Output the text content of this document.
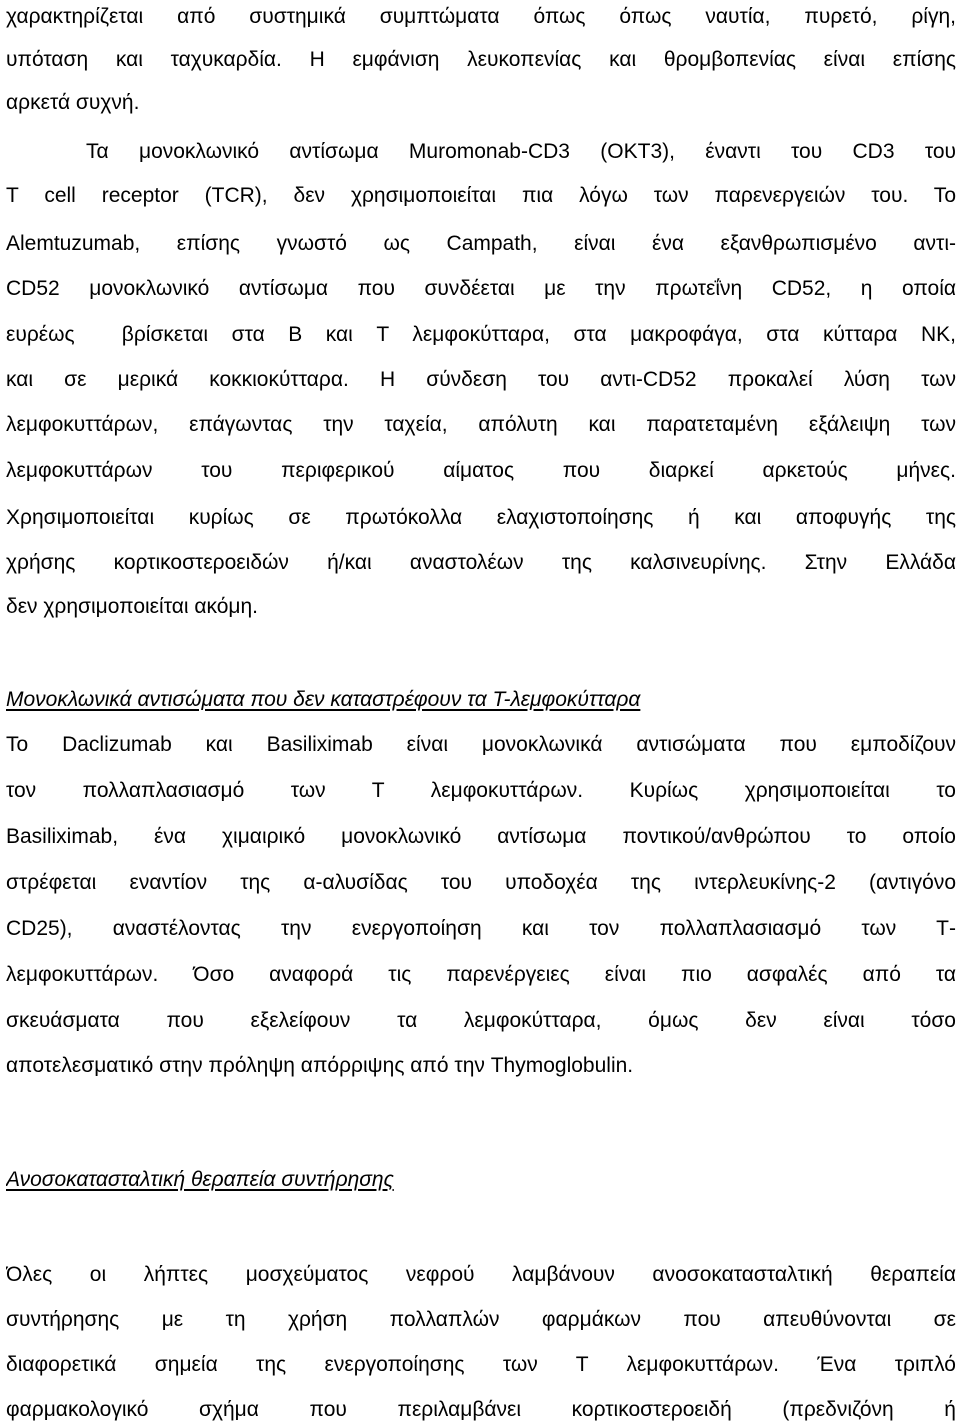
χαρακτηρίζεται από συστημικά συμπτώματα όπως όπως ναυτία, πυρετό, ρίγη,
υπόταση και ταχυκαρδία. Η εμφάνιση λευκοπενίας και θρομβοπενίας είναι επίσης
αρκετά συχνή.
Τα μονοκλωνικό αντίσωμα Muromonab-CD3 (OKT3), έναντι του CD3 του
T cell receptor (TCR), δεν χρησιμοποιείται πια λόγω των παρενεργειών του. Το
Alemtuzumab, επίσης γνωστό ως Campath, είναι ένα εξανθρωπισμένο αντι-
CD52 μονοκλωνικό αντίσωμα που συνδέεται με την πρωτεΐνη CD52, η οποία
ευρέως  βρίσκεται στα B και T λεμφοκύτταρα, στα μακροφάγα, στα κύτταρα NK,
και σε μερικά κοκκιοκύτταρα. Η σύνδεση του αντι-CD52 προκαλεί λύση των
λεμφοκυττάρων, επάγωντας την ταχεία, απόλυτη και παρατεταμένη εξάλειψη των
λεμφοκυττάρων του περιφερικού αίματος που διαρκεί αρκετούς μήνες.
Χρησιμοποιείται κυρίως σε πρωτόκολλα ελαχιστοποίησης ή και αποφυγής της
χρήσης κορτικοστεροειδών ή/και αναστολέων της καλσινευρίνης. Στην Ελλάδα
δεν χρησιμοποιείται ακόμη.
Μονοκλωνικά αντισώματα που δεν καταστρέφουν τα Τ-λεμφοκύτταρα
Το Daclizumab και Basiliximab είναι μονοκλωνικά αντισώματα που εμποδίζουν
τον πολλαπλασιασμό των Τ λεμφοκυττάρων. Κυρίως χρησιμοποιείται το
Basiliximab, ένα χιμαιρικό μονοκλωνικό αντίσωμα ποντικού/ανθρώπου το οποίο
στρέφεται εναντίον της α-αλυσίδας του υποδοχέα της ιντερλευκίνης-2 (αντιγόνο
CD25), αναστέλοντας την ενεργοποίηση και τον πολλαπλασιασμό των Τ-
λεμφοκυττάρων. Όσο αναφορά τις παρενέργειες είναι πιο ασφαλές από τα
σκευάσματα που εξελείφουν τα λεμφοκύτταρα, όμως δεν είναι τόσο
αποτελεσματικό στην πρόληψη απόρριψης από την Thymoglobulin.
Ανοσοκατασταλτική θεραπεία συντήρησης
Όλες οι λήπτες μοσχεύματος νεφρού λαμβάνουν ανοσοκατασταλτική θεραπεία
συντήρησης με τη χρήση πολλαπλών φαρμάκων που απευθύνονται σε
διαφορετικά σημεία της ενεργοποίησης των Τ λεμφοκυττάρων. Ένα τριπλό
φαρμακολογικό σχήμα που περιλαμβάνει κορτικοστεροειδή (πρεδνιζόνη ή
